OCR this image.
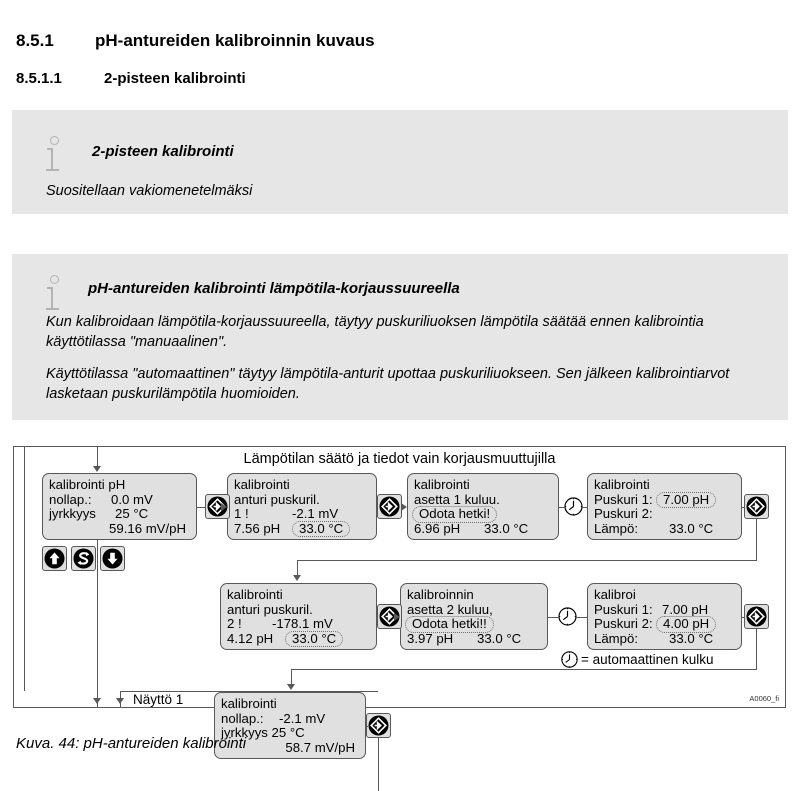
8.5.1 pH-antureiden kalibroinnin kuvaus
8.5.1.1	2-pisteen kalibrointi
2-pisteen kalibrointi
Suositellaan vakiomenetelmäksi
pH-antureiden kalibrointi lämpötila-korjaussuureella
Kun kalibroidaan lämpötila-korjaussuureella, täytyy puskuriliuoksen lämpötila säätää ennen kalibrointia käyttötilassa "manuaalinen".
Käyttötilassa "automaattinen" täytyy lämpötila-anturit upottaa puskuriliuokseen. Sen jälkeen kalibrointiarvot lasketaan puskurilämpötila huomioiden.
Lämpötilan säätö ja tiedot vain korjausmuuttujilla
A0060_fi
kalibrointi pH
nollap.: 0.0 mV
jyrkkyys 25 °C
59.16 mV/pH
kalibrointi
anturi puskuril.
1 !	-2.1 mV
7.56 pH	33.0 °C
kalibrointi
asetta 1 kuluu.
Odota hetki!
6.96 pH 33.0 °C
kalibrointi
Puskuri 1: 7.00 pH
Puskuri 2:
Lämpö: 33.0 °C
kalibrointi
anturi puskuril.
2 ! -178.1 mV
4.12 pH	33.0 °C
kalibroinnin
asetta 2 kuluu,
Odota hetki!!
3.97 pH 33.0 °C
kalibroi
Puskuri 1: 7.00 pH
Puskuri 2: 4.00 pH
Lämpö: 33.0 °C
kalibrointi
nollap.: -2.1 mV
jyrkkyys 25 °C
58.7 mV/pH
= automaattinen kulku
Näyttö 1
Kuva. 44: pH-antureiden kalibrointi
